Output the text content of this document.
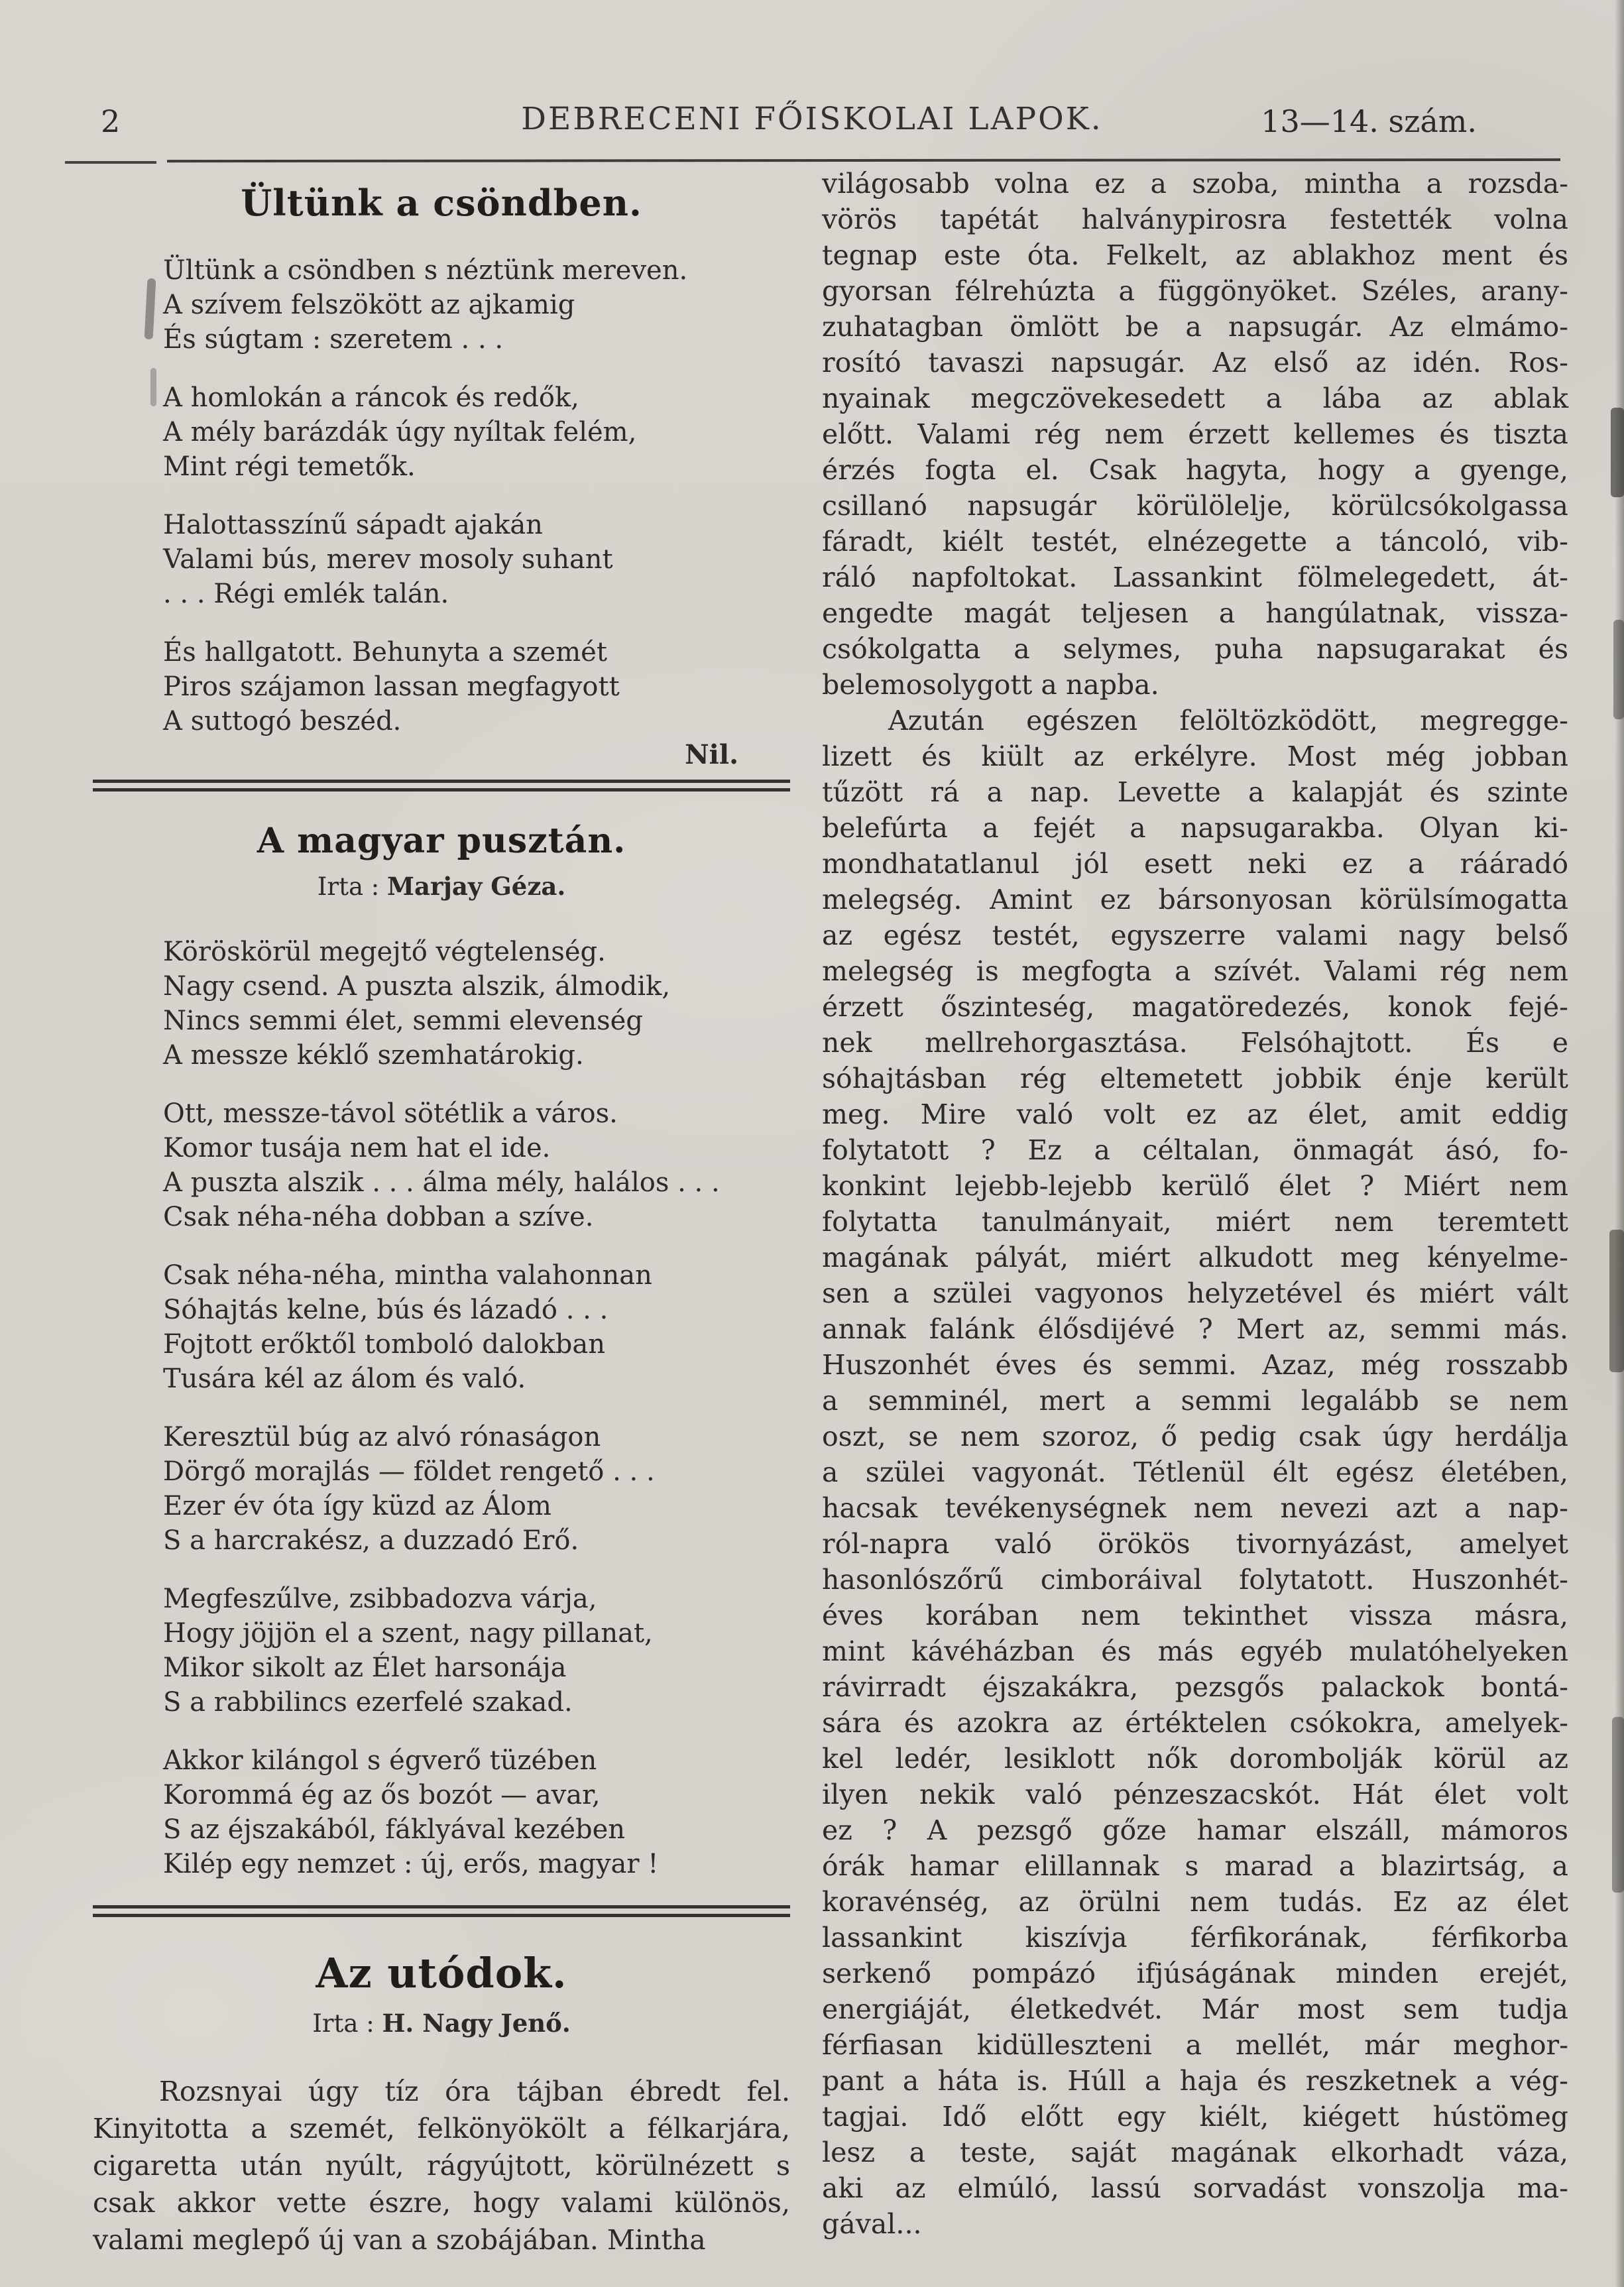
2	DEBRECENI FŐISKOLAI LAPOK.	13—14. szám.
Ültünk a csöndben.
Ültünk a csöndben s néztünk mereven.
A szívem felszökött az ajkamig
És súgtam : szeretem . . .
A homlokán a ráncok és redők,
A mély barázdák úgy nyíltak felém,
Mint régi temetők.
Halottasszínű sápadt ajakán
Valami bús, merev mosoly suhant
. . . Régi emlék talán.
És hallgatott. Behunyta a szemét
Piros szájamon lassan megfagyott
A suttogó beszéd.
Nil.
A magyar pusztán.
Irta : Marjay Géza.
Köröskörül megejtő végtelenség.
Nagy csend. A puszta alszik, álmodik,
Nincs semmi élet, semmi elevenség
A messze kéklő szemhatárokig.
Ott, messze-távol sötétlik a város.
Komor tusája nem hat el ide.
A puszta alszik . . . álma mély, halálos . . .
Csak néha-néha dobban a szíve.
Csak néha-néha, mintha valahonnan
Sóhajtás kelne, bús és lázadó . . .
Fojtott erőktől tomboló dalokban
Tusára kél az álom és való.
Keresztül búg az alvó rónaságon
Dörgő morajlás — földet rengető . . .
Ezer év óta így küzd az Álom
S a harcrakész, a duzzadó Erő.
Megfeszűlve, zsibbadozva várja,
Hogy jöjjön el a szent, nagy pillanat,
Mikor sikolt az Élet harsonája
S a rabbilincs ezerfelé szakad.
Akkor kilángol s égverő tüzében
Korommá ég az ős bozót — avar,
S az éjszakából, fáklyával kezében
Kilép egy nemzet : új, erős, magyar !
Az utódok.
Irta : H. Nagy Jenő.
Rozsnyai úgy tíz óra tájban ébredt fel.
Kinyitotta a szemét, felkönyökölt a félkarjára,
cigaretta után nyúlt, rágyújtott, körülnézett s
csak akkor vette észre, hogy valami különös,
valami meglepő új van a szobájában. Mintha
világosabb volna ez a szoba, mintha a rozsda-
vörös tapétát halványpirosra festették volna
tegnap este óta. Felkelt, az ablakhoz ment és
gyorsan félrehúzta a függönyöket. Széles, arany-
zuhatagban ömlött be a napsugár. Az elmámo-
rosító tavaszi napsugár. Az első az idén. Ros-
nyainak megczövekesedett a lába az ablak
előtt. Valami rég nem érzett kellemes és tiszta
érzés fogta el. Csak hagyta, hogy a gyenge,
csillanó napsugár körülölelje, körülcsókolgassa
fáradt, kiélt testét, elnézegette a táncoló, vib-
ráló napfoltokat. Lassankint fölmelegedett, át-
engedte magát teljesen a hangúlatnak, vissza-
csókolgatta a selymes, puha napsugarakat és
belemosolygott a napba.
Azután egészen felöltözködött, megregge-
lizett és kiült az erkélyre. Most még jobban
tűzött rá a nap. Levette a kalapját és szinte
belefúrta a fejét a napsugarakba. Olyan ki-
mondhatatlanul jól esett neki ez a rááradó
melegség. Amint ez bársonyosan körülsímogatta
az egész testét, egyszerre valami nagy belső
melegség is megfogta a szívét. Valami rég nem
érzett őszinteség, magatöredezés, konok fejé-
nek mellrehorgasztása. Felsóhajtott. És e
sóhajtásban rég eltemetett jobbik énje került
meg. Mire való volt ez az élet, amit eddig
folytatott ? Ez a céltalan, önmagát ásó, fo-
konkint lejebb-lejebb kerülő élet ? Miért nem
folytatta tanulmányait, miért nem teremtett
magának pályát, miért alkudott meg kényelme-
sen a szülei vagyonos helyzetével és miért vált
annak falánk élősdijévé ? Mert az, semmi más.
Huszonhét éves és semmi. Azaz, még rosszabb
a semminél, mert a semmi legalább se nem
oszt, se nem szoroz, ő pedig csak úgy herdálja
a szülei vagyonát. Tétlenül élt egész életében,
hacsak tevékenységnek nem nevezi azt a nap-
ról-napra való örökös tivornyázást, amelyet
hasonlószőrű cimboráival folytatott. Huszonhét-
éves korában nem tekinthet vissza másra,
mint kávéházban és más egyéb mulatóhelyeken
rávirradt éjszakákra, pezsgős palackok bontá-
sára és azokra az értéktelen csókokra, amelyek-
kel ledér, lesiklott nők dorombolják körül az
ilyen nekik való pénzeszacskót. Hát élet volt
ez ? A pezsgő gőze hamar elszáll, mámoros
órák hamar elillannak s marad a blazirtság, a
koravénség, az örülni nem tudás. Ez az élet
lassankint kiszívja férfikorának, férfikorba
serkenő pompázó ifjúságának minden erejét,
energiáját, életkedvét. Már most sem tudja
férfiasan kidülleszteni a mellét, már meghor-
pant a háta is. Húll a haja és reszketnek a vég-
tagjai. Idő előtt egy kiélt, kiégett hústömeg
lesz a teste, saját magának elkorhadt váza,
aki az elmúló, lassú sorvadást vonszolja ma-
gával...
